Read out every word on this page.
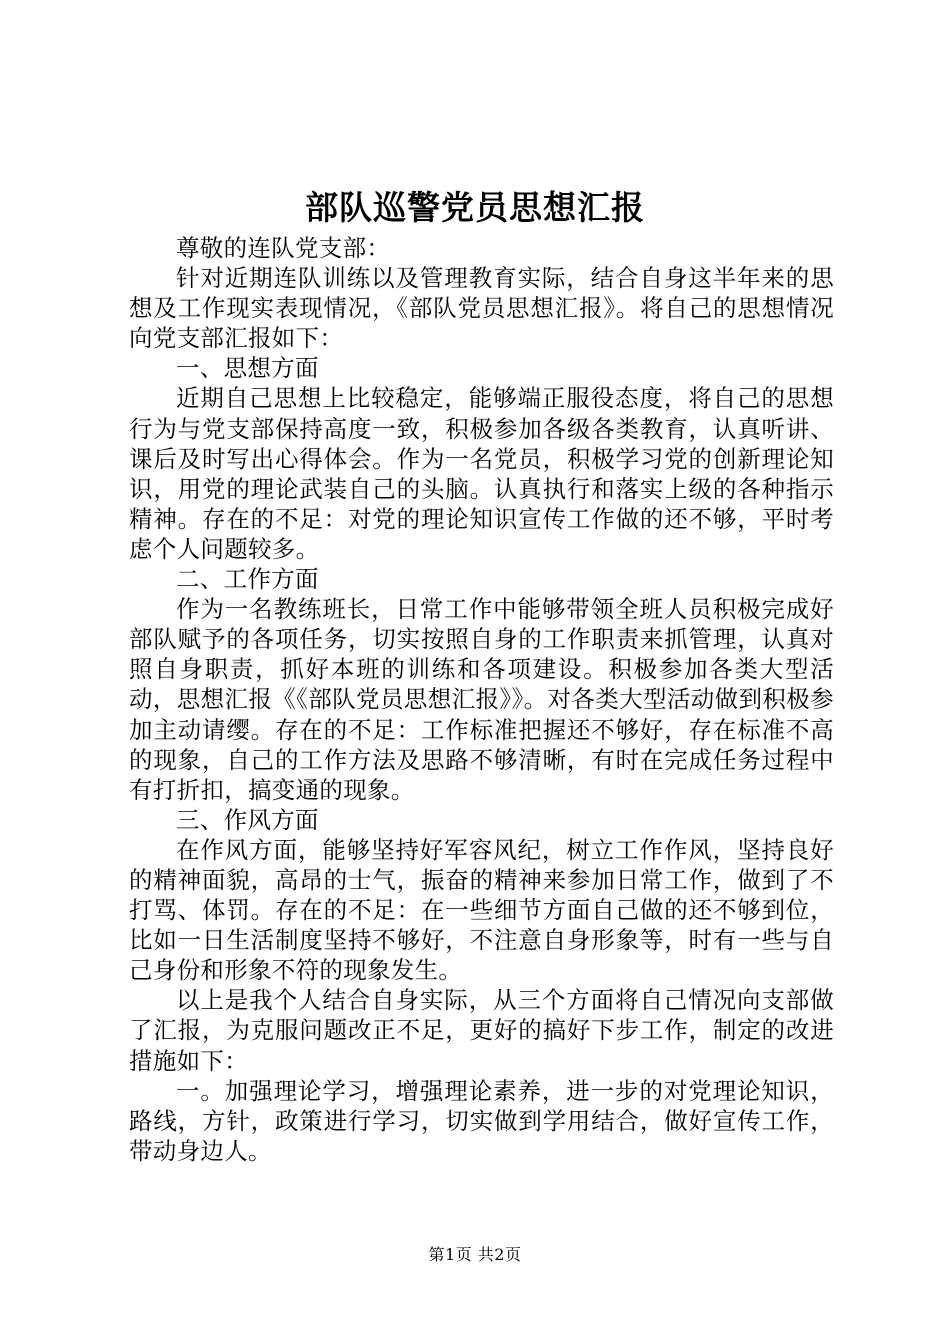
部队巡警党员思想汇报

尊敬的连队党支部：

针对近期连队训练以及管理教育实际，结合自身这半年来的思想及工作现实表现情况，《部队党员思想汇报》。将自己的思想情况向党支部汇报如下：

一、思想方面

近期自己思想上比较稳定，能够端正服役态度，将自己的思想行为与党支部保持高度一致，积极参加各级各类教育，认真听讲、课后及时写出心得体会。作为一名党员，积极学习党的创新理论知识，用党的理论武装自己的头脑。认真执行和落实上级的各种指示精神。存在的不足：对党的理论知识宣传工作做的还不够，平时考虑个人问题较多。

二、工作方面

作为一名教练班长，日常工作中能够带领全班人员积极完成好部队赋予的各项任务，切实按照自身的工作职责来抓管理，认真对照自身职责，抓好本班的训练和各项建设。积极参加各类大型活动，思想汇报《《部队党员思想汇报》》。对各类大型活动做到积极参加主动请缨。存在的不足：工作标准把握还不够好，存在标准不高的现象，自己的工作方法及思路不够清晰，有时在完成任务过程中有打折扣，搞变通的现象。

三、作风方面

在作风方面，能够坚持好军容风纪，树立工作作风，坚持良好的精神面貌，高昂的士气，振奋的精神来参加日常工作，做到了不打骂、体罚。存在的不足：在一些细节方面自己做的还不够到位，比如一日生活制度坚持不够好，不注意自身形象等，时有一些与自己身份和形象不符的现象发生。

以上是我个人结合自身实际，从三个方面将自己情况向支部做了汇报，为克服问题改正不足，更好的搞好下步工作，制定的改进措施如下：

一。加强理论学习，增强理论素养，进一步的对党理论知识，路线，方针，政策进行学习，切实做到学用结合，做好宣传工作，带动身边人。

第1页 共2页
